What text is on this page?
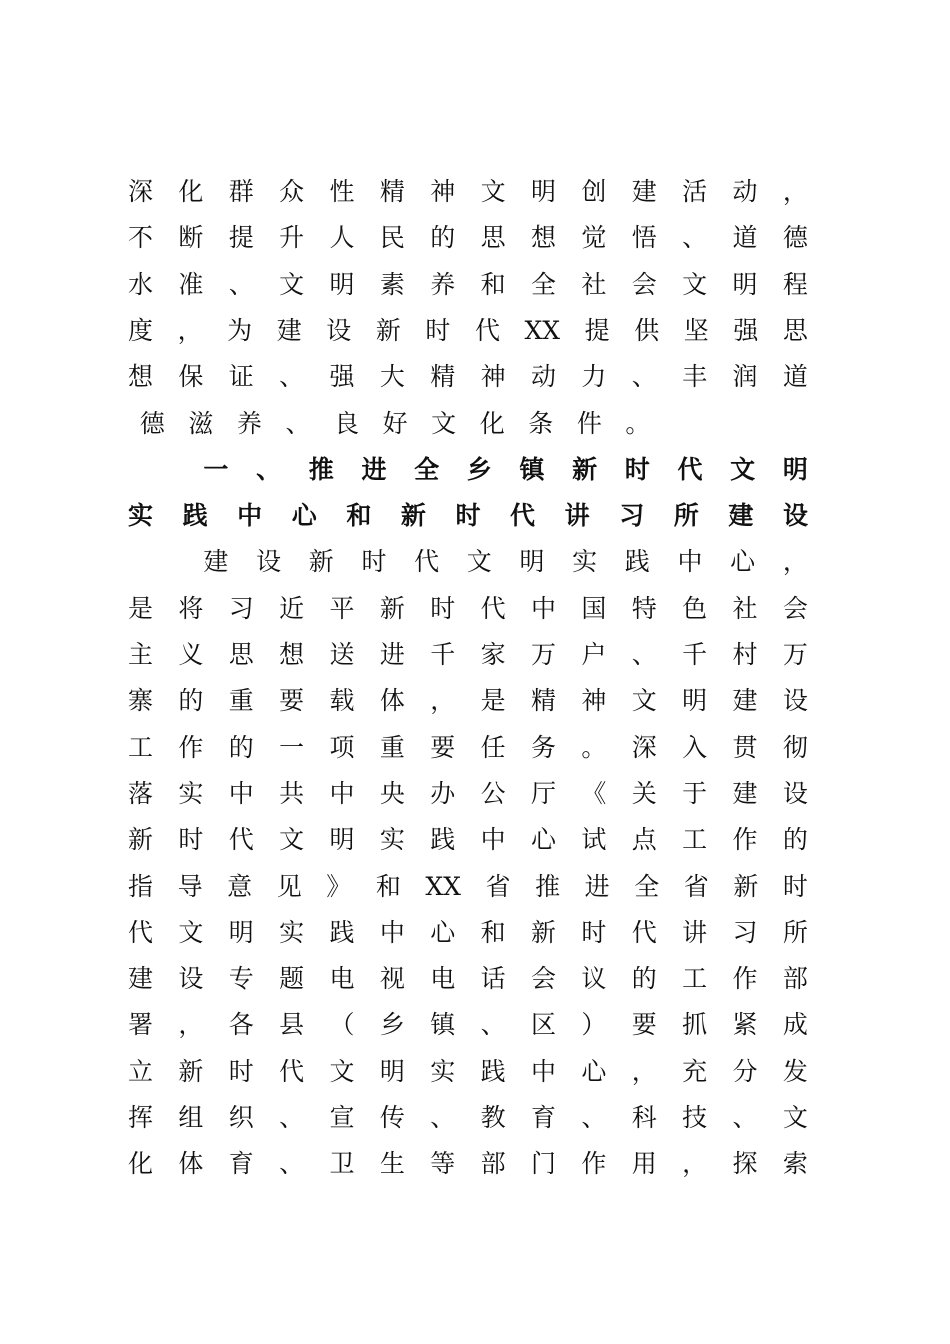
深 化 群 众 性 精 神 文 明 创 建 活 动 ，
不 断 提 升 人 民 的 思 想 觉 悟 、 道 德
水 准 、 文 明 素 养 和 全 社 会 文 明 程
度 ， 为 建 设 新 时 代 XX 提 供 坚 强 思
想 保 证 、 强 大 精 神 动 力 、 丰 润 道
德 滋 养 、 良 好 文 化 条 件 。
一 、 推 进 全 乡 镇 新 时 代 文 明
实 践 中 心 和 新 时 代 讲 习 所 建 设
建 设 新 时 代 文 明 实 践 中 心 ，
是 将 习 近 平 新 时 代 中 国 特 色 社 会
主 义 思 想 送 进 千 家 万 户 、 千 村 万
寨 的 重 要 载 体 ， 是 精 神 文 明 建 设
工 作 的 一 项 重 要 任 务 。 深 入 贯 彻
落 实 中 共 中 央 办 公 厅 《 关 于 建 设
新 时 代 文 明 实 践 中 心 试 点 工 作 的
指 导 意 见 》 和 XX 省 推 进 全 省 新 时
代 文 明 实 践 中 心 和 新 时 代 讲 习 所
建 设 专 题 电 视 电 话 会 议 的 工 作 部
署 ， 各 县 （ 乡 镇 、 区 ） 要 抓 紧 成
立 新 时 代 文 明 实 践 中 心 ， 充 分 发
挥 组 织 、 宣 传 、 教 育 、 科 技 、 文
化 体 育 、 卫 生 等 部 门 作 用 ， 探 索
